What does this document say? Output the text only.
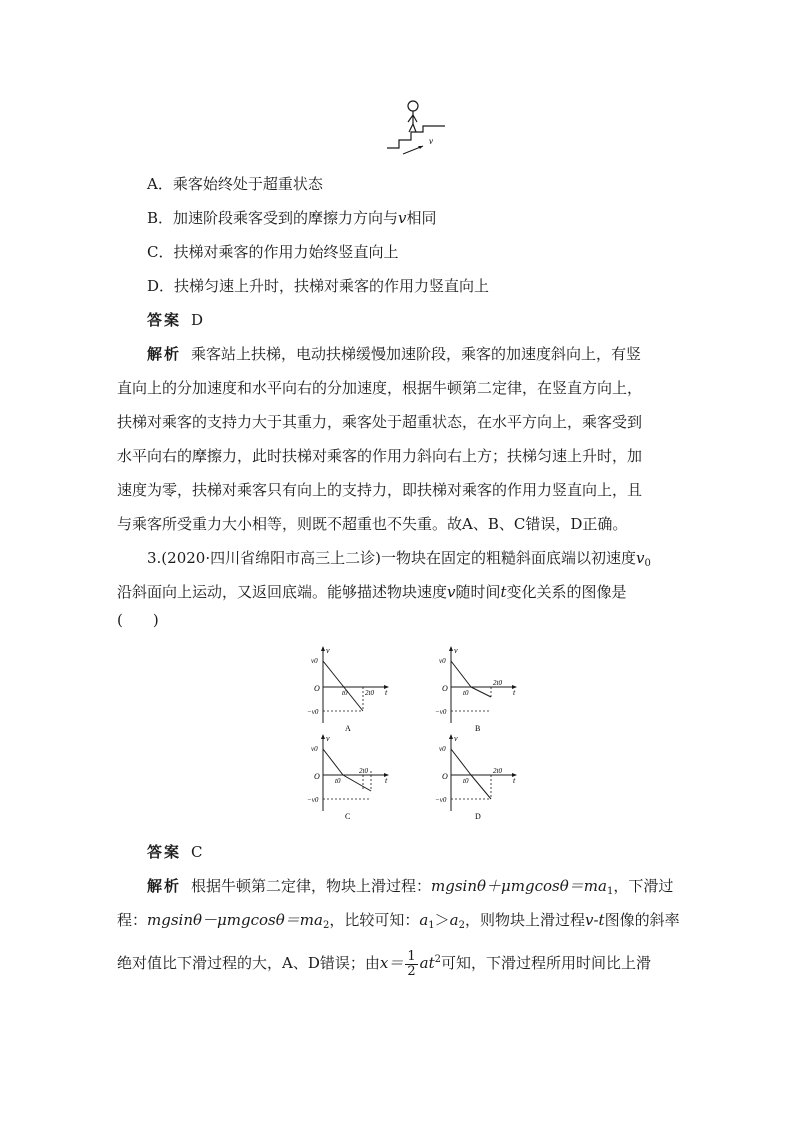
v
A．乘客始终处于超重状态
B．加速阶段乘客受到的摩擦力方向与v相同
C．扶梯对乘客的作用力始终竖直向上
D．扶梯匀速上升时，扶梯对乘客的作用力竖直向上
答案 D
解析 乘客站上扶梯，电动扶梯缓慢加速阶段，乘客的加速度斜向上，有竖
直向上的分加速度和水平向右的分加速度，根据牛顿第二定律，在竖直方向上，
扶梯对乘客的支持力大于其重力，乘客处于超重状态，在水平方向上，乘客受到
水平向右的摩擦力，此时扶梯对乘客的作用力斜向右上方；扶梯匀速上升时，加
速度为零，扶梯对乘客只有向上的支持力，即扶梯对乘客的作用力竖直向上，且
与乘客所受重力大小相等，则既不超重也不失重。故A、B、C错误，D正确。
3.(2020·四川省绵阳市高三上二诊)一物块在固定的粗糙斜面底端以初速度$v_0$
沿斜面向上运动，又返回底端。能够描述物块速度v随时间t变化关系的图像是
(　　)
v
t
O
v0
−v0
t0	2t0
A
v
t
O
v0
−v0
t0
2t0
B
v
t
O
v0
−v0
t0
2t0
C
v
t
O
v0
−v0
t0
2t0
D
答案 C
解析 根据牛顿第二定律，物块上滑过程：$mgsin\theta+\mu mgcos\theta=ma_1$，下滑过
程：$mgsin\theta-\mu mgcos\theta=ma_2$，比较可知：$a_1>a_2$，则物块上滑过程v-t图像的斜率
绝对值比下滑过程的大，A、D错误；由$x= \frac{1}{2} at^2$可知，下滑过程所用时间比上滑
